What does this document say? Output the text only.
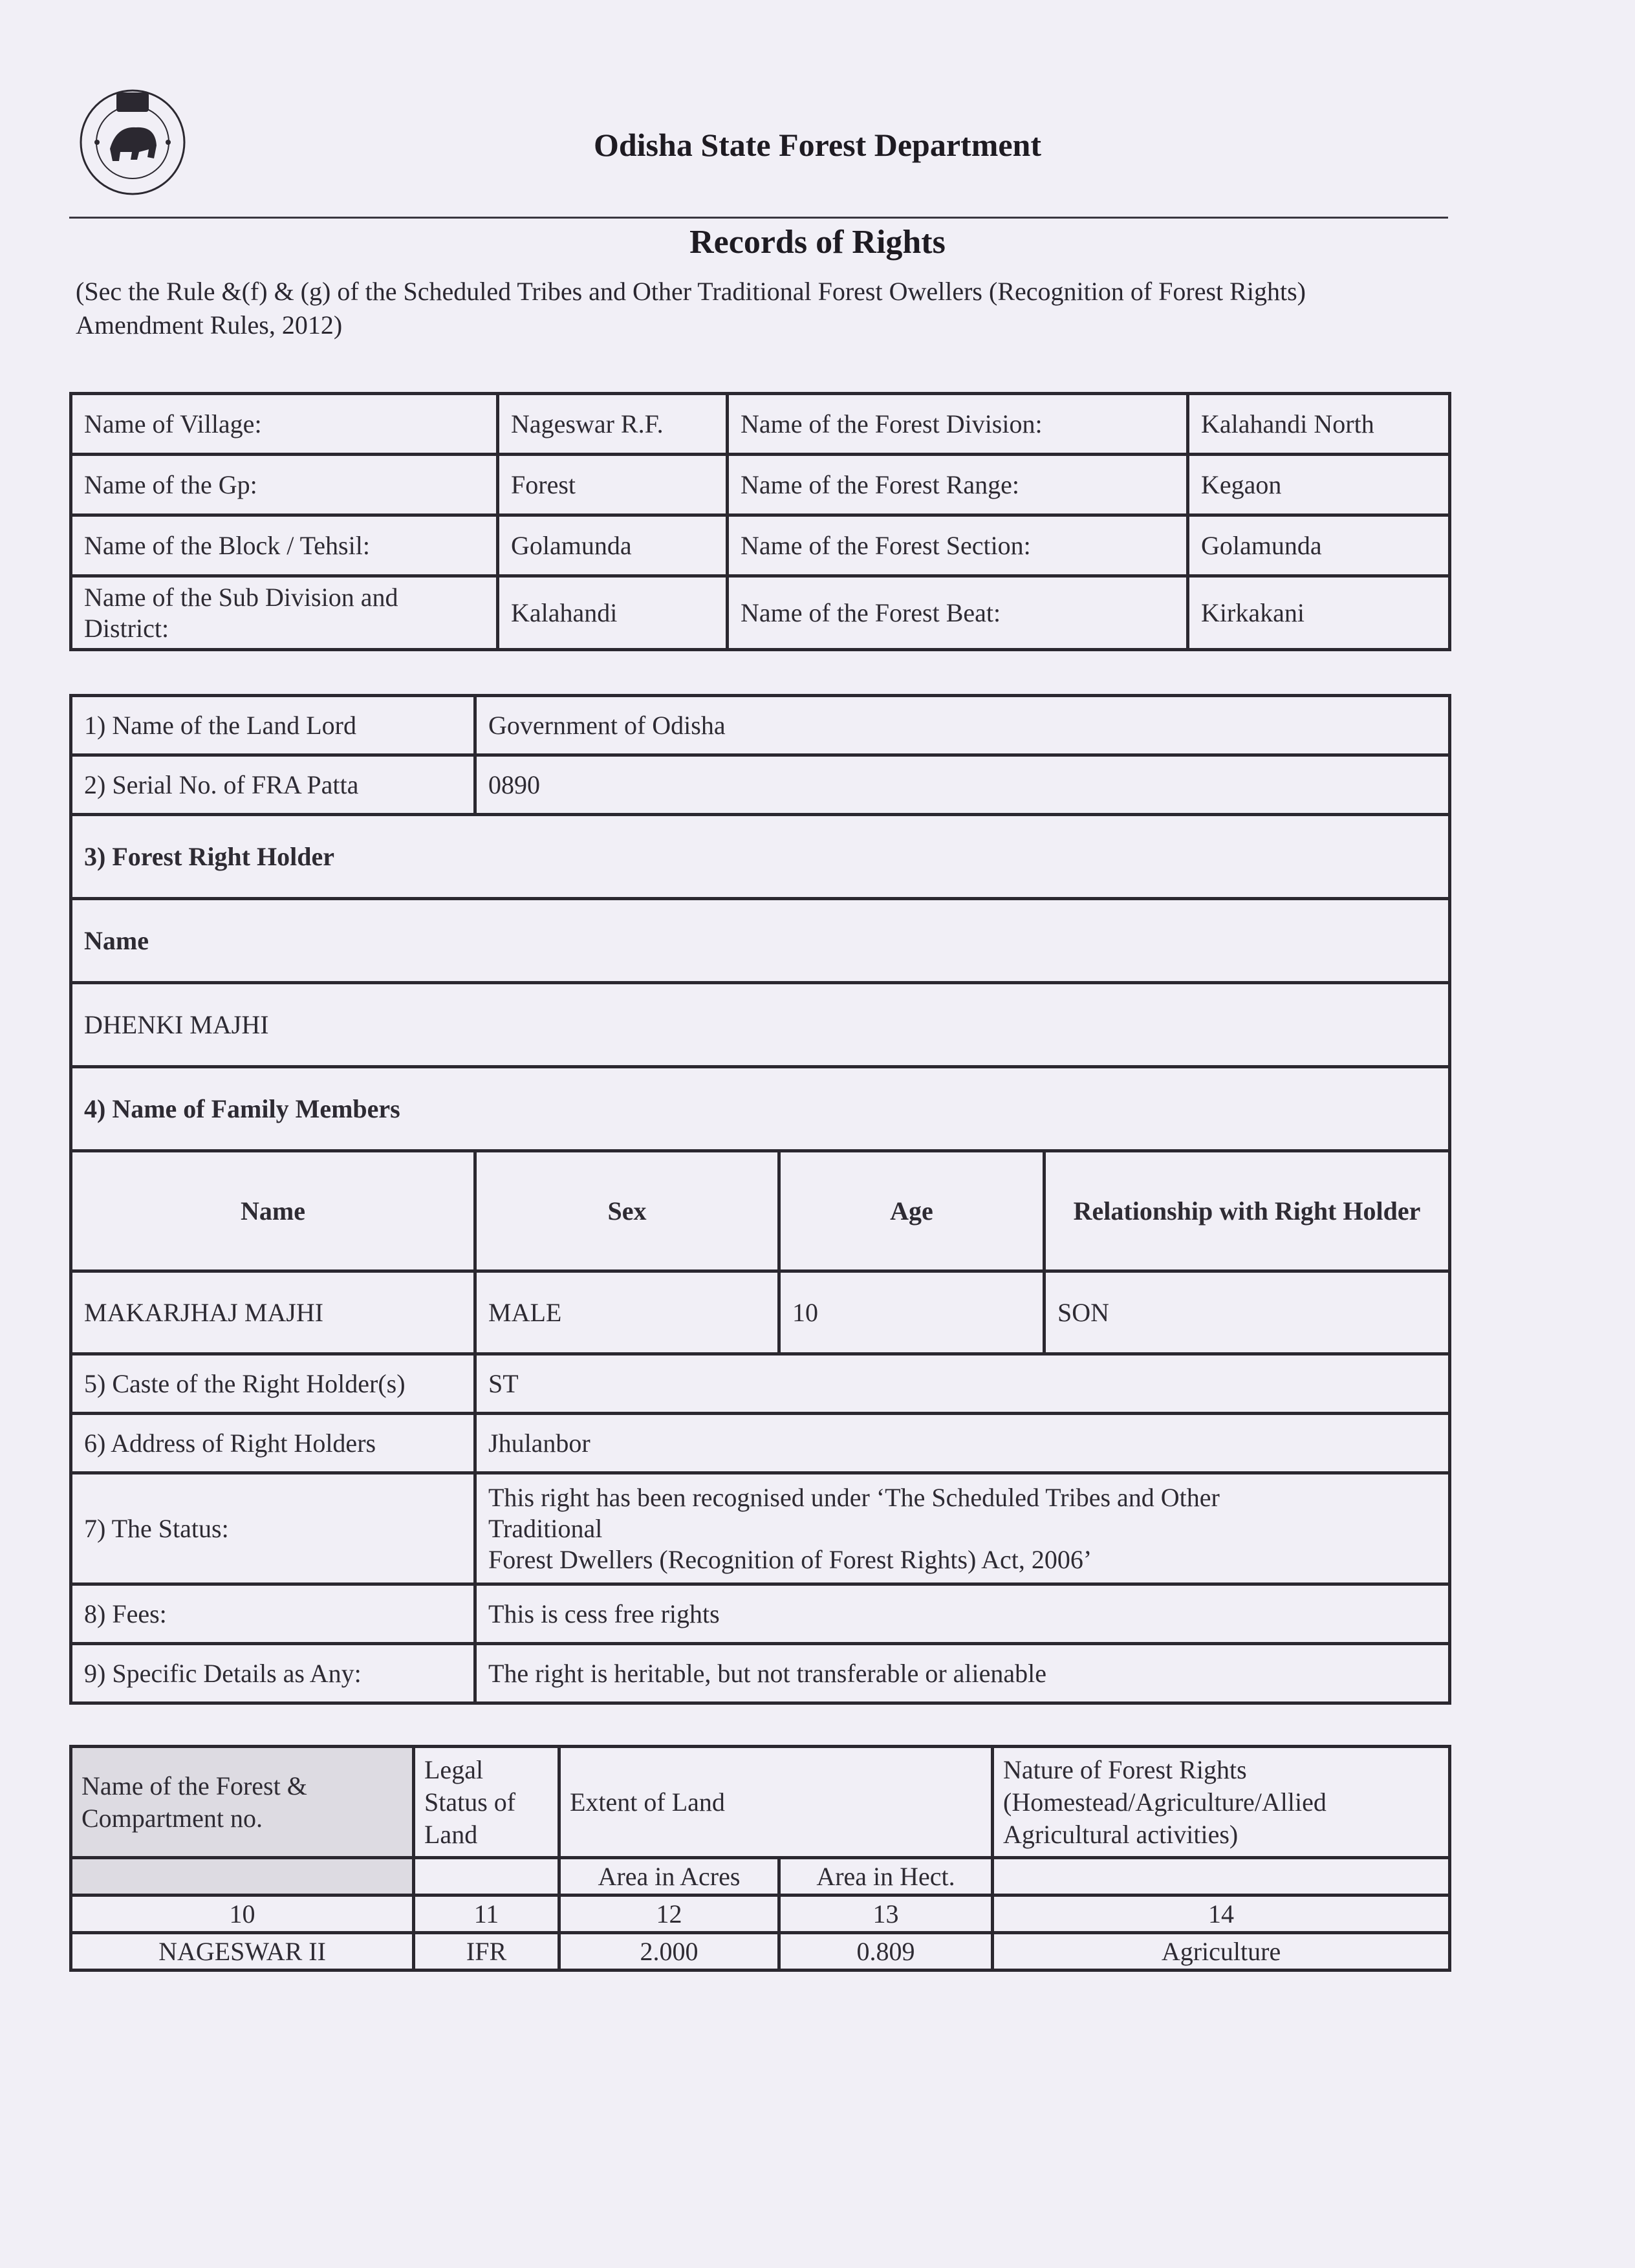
Odisha State Forest Department
Records of Rights
(Sec the Rule &(f) & (g) of the Scheduled Tribes and Other Traditional Forest Owellers (Recognition of Forest Rights) Amendment Rules, 2012)
Name of Village:	Nageswar R.F.	Name of the Forest Division:	Kalahandi North
Name of the Gp:	Forest	Name of the Forest Range:	Kegaon
Name of the Block / Tehsil:	Golamunda	Name of the Forest Section:	Golamunda
Name of the Sub Division and District:	Kalahandi	Name of the Forest Beat:	Kirkakani
1) Name of the Land Lord	Government of Odisha		
2) Serial No. of FRA Patta	0890		
3) Forest Right Holder			
Name			
DHENKI MAJHI			
4) Name of Family Members			
Name	Sex	Age	Relationship with Right Holder
MAKARJHAJ MAJHI	MALE	10	SON
5) Caste of the Right Holder(s)	ST		
6) Address of Right Holders	Jhulanbor		
7) The Status:	This right has been recognised under ‘The Scheduled Tribes and Other
Traditional
Forest Dwellers (Recognition of Forest Rights) Act, 2006’		

8) Fees:	This is cess free rights		
9) Specific Details as Any:	The right is heritable, but not transferable or alienable		
Name of the Forest & Compartment no.	Legal Status of Land	Extent of Land		Nature of Forest Rights (Homestead/Agriculture/Allied Agricultural activities)
		Area in Acres	Area in Hect.	
10	11	12	13	14
NAGESWAR II	IFR	2.000	0.809	Agriculture
